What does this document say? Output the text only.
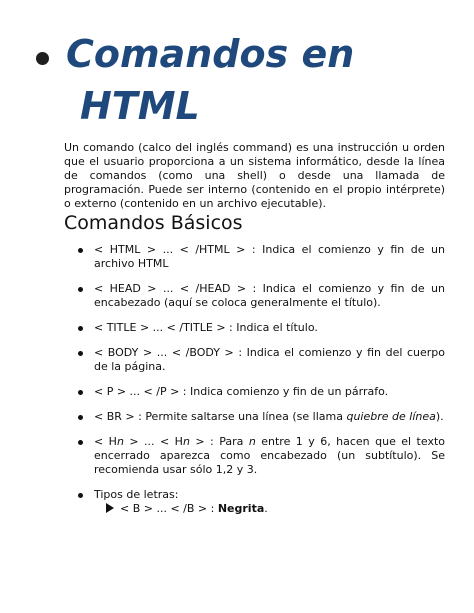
Comandos en
HTML

Un comando (calco del inglés command) es una instrucción u orden que el usuario proporciona a un sistema informático, desde la línea de comandos (como una shell) o desde una llamada de programación. Puede ser interno (contenido en el propio intérprete) o externo (contenido en un archivo ejecutable).

Comandos Básicos
< HTML > ... < /HTML > : Indica el comienzo y fin de un archivo HTML
< HEAD > ... < /HEAD > : Indica el comienzo y fin de un encabezado (aquí se coloca generalmente el título).
< TITLE > ... < /TITLE > : Indica el título.
< BODY > ... < /BODY > : Indica el comienzo y fin del cuerpo de la página.
< P > ... < /P > : Indica comienzo y fin de un párrafo.
< BR > : Permite saltarse una línea (se llama quiebre de línea).
< Hn > ... < Hn > : Para n entre 1 y 6, hacen que el texto encerrado aparezca como encabezado (un subtítulo). Se recomienda usar sólo 1,2 y 3.
Tipos de letras:
< B > ... < /B > : Negrita.
